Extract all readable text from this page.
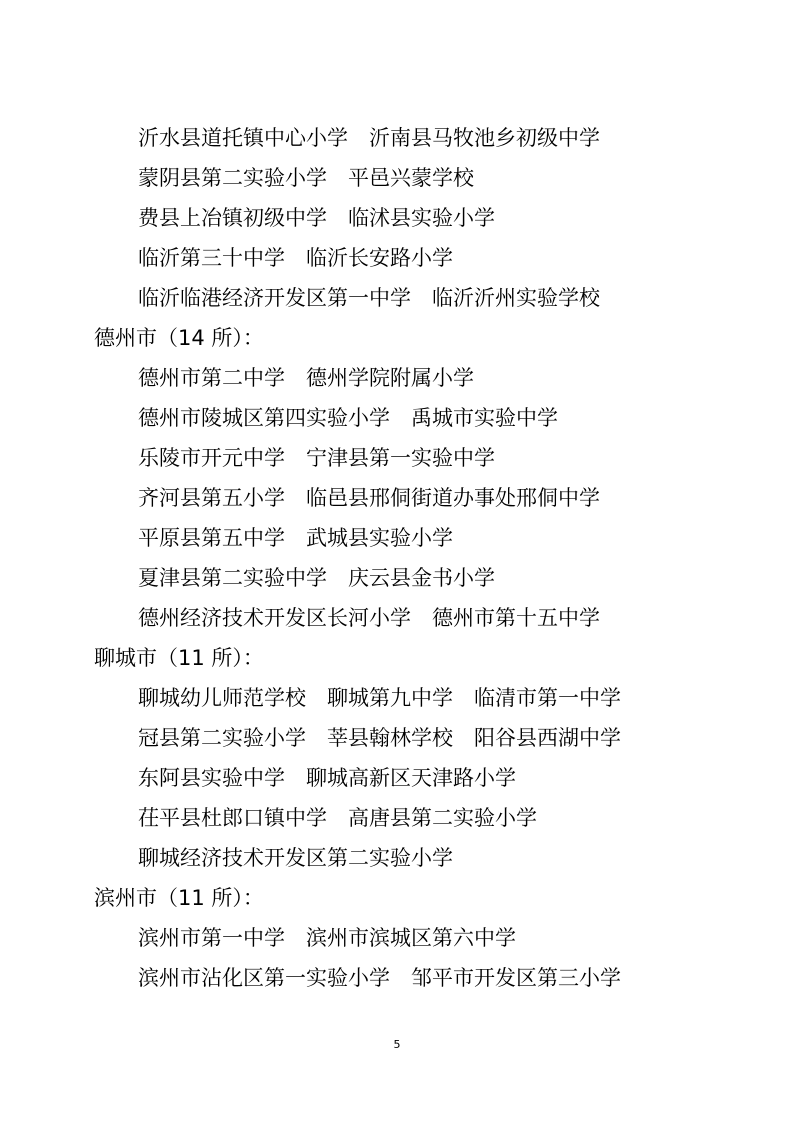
沂水县道托镇中心小学 沂南县马牧池乡初级中学
蒙阴县第二实验小学 平邑兴蒙学校
费县上冶镇初级中学 临沭县实验小学
临沂第三十中学 临沂长安路小学
临沂临港经济开发区第一中学 临沂沂州实验学校
德州市（14 所）：
德州市第二中学 德州学院附属小学
德州市陵城区第四实验小学 禹城市实验中学
乐陵市开元中学 宁津县第一实验中学
齐河县第五小学 临邑县邢侗街道办事处邢侗中学
平原县第五中学 武城县实验小学
夏津县第二实验中学 庆云县金书小学
德州经济技术开发区长河小学 德州市第十五中学
聊城市（11 所）：
聊城幼儿师范学校 聊城第九中学 临清市第一中学
冠县第二实验小学 莘县翰林学校 阳谷县西湖中学
东阿县实验中学 聊城高新区天津路小学
茌平县杜郎口镇中学 高唐县第二实验小学
聊城经济技术开发区第二实验小学
滨州市（11 所）：
滨州市第一中学 滨州市滨城区第六中学
滨州市沾化区第一实验小学 邹平市开发区第三小学
5
